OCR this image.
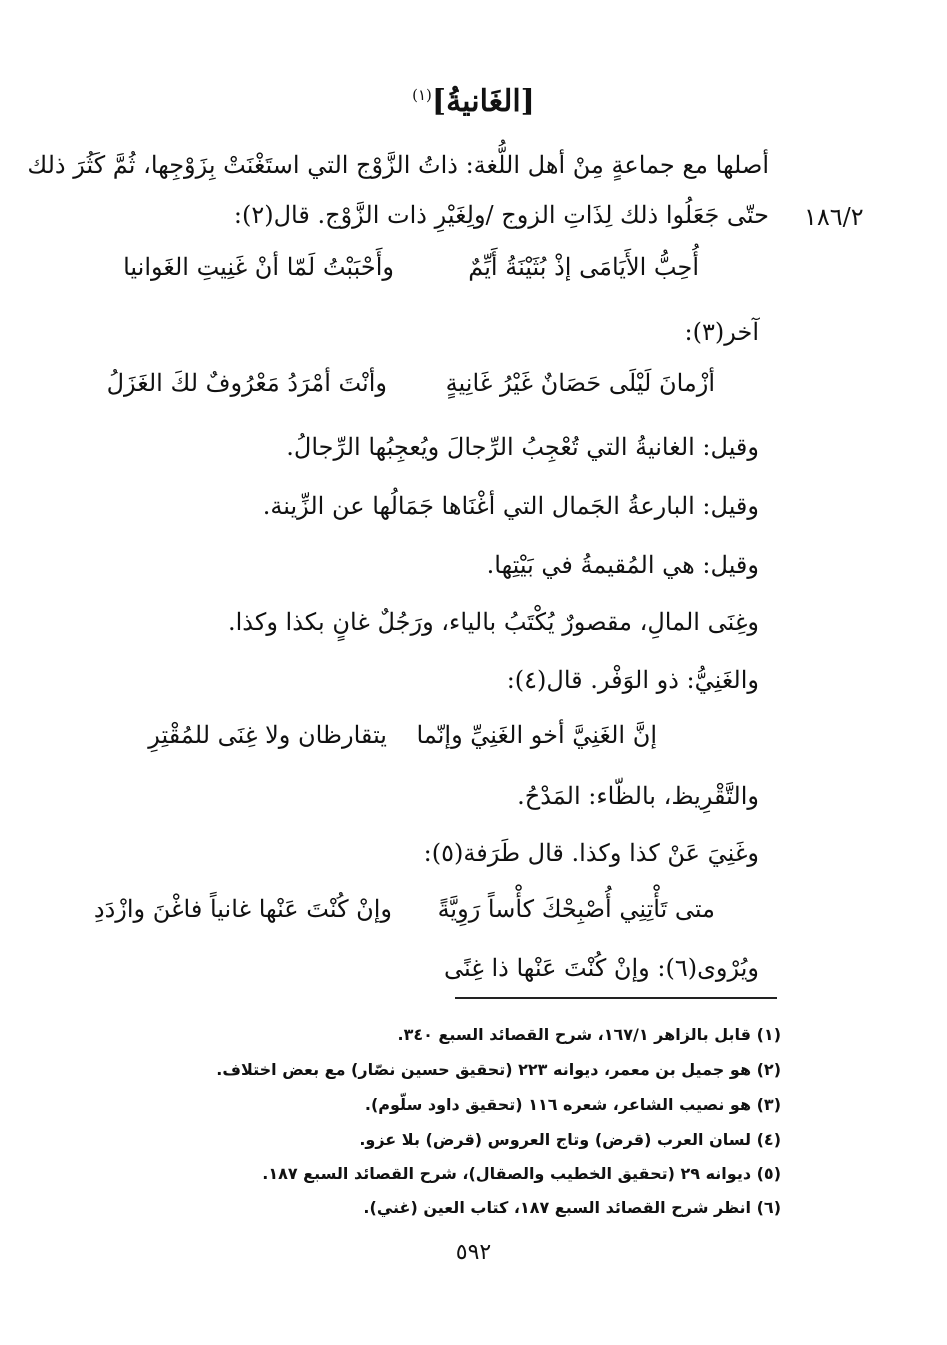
[الغَانيةُ]$^{(١)}$
أصلها مع جماعةٍ مِنْ أهل اللُّغة: ذاتُ الزَّوْج التي استَغْنَتْ بِزَوْجِها، ثُمَّ كَثُرَ ذلك
حتّى جَعَلُوا ذلك لِذَاتِ الزوج /ولِغَيْرِ ذات الزَّوْج. قال(٢): ١٨٦/٢
أُحِبُّ الأَيَامَى إذْ بُثَيْنَةُ أَيِّمٌ
وأَحْبَبْتُ لَمّا أنْ غَنِيتِ الغَوانيا
آخر(٣):
أزْمانَ لَيْلَى حَصَانٌ غَيْرُ غَانِيةٍ
وأنْتَ أمْرَدُ مَعْرُوفٌ لكَ الغَزَلُ
وقيل: الغانيةُ التي تُعْجِبُ الرِّجالَ ويُعجِبُها الرِّجالُ.
وقيل: البارعةُ الجَمال التي أغْنَاها جَمَالُها عن الزِّينة.
وقيل: هي المُقيمةُ في بَيْتِها.
وغِنَى المالِ، مقصورٌ يُكْتَبُ بالياء، ورَجُلٌ غانٍ بكذا وكذا.
والغَنِيُّ: ذو الوَفْر. قال(٤):
إنَّ الغَنِيَّ أخو الغَنِيِّ وإنّما
يتقارظان ولا غِنَى للمُقْتِرِ
والتَّقْرِيظ، بالظّاء: المَدْحُ.
وغَنِيَ عَنْ كذا وكذا. قال طَرَفة(٥):
متى تَأْتِنِي أُصْبِحْكَ كأْساً رَوِيَّةً
وإنْ كُنْتَ عَنْها غانياً فاغْنَ وازْدَدِ
ويُرْوى(٦): وإنْ كُنْتَ عَنْها ذا غِنًى
(١) قابل بالزاهر ١٦٧/١، شرح القصائد السبع ٣٤٠.
(٢) هو جميل بن معمر، ديوانه ٢٢٣ (تحقيق حسين نصّار) مع بعض اختلاف.
(٣) هو نصيب الشاعر، شعره ١١٦ (تحقيق داود سلّوم).
(٤) لسان العرب (قرض) وتاج العروس (قرض) بلا عزو.
(٥) ديوانه ٢٩ (تحقيق الخطيب والصقال)، شرح القصائد السبع ١٨٧.
(٦) انظر شرح القصائد السبع ١٨٧، كتاب العين (غني).
٥٩٢
